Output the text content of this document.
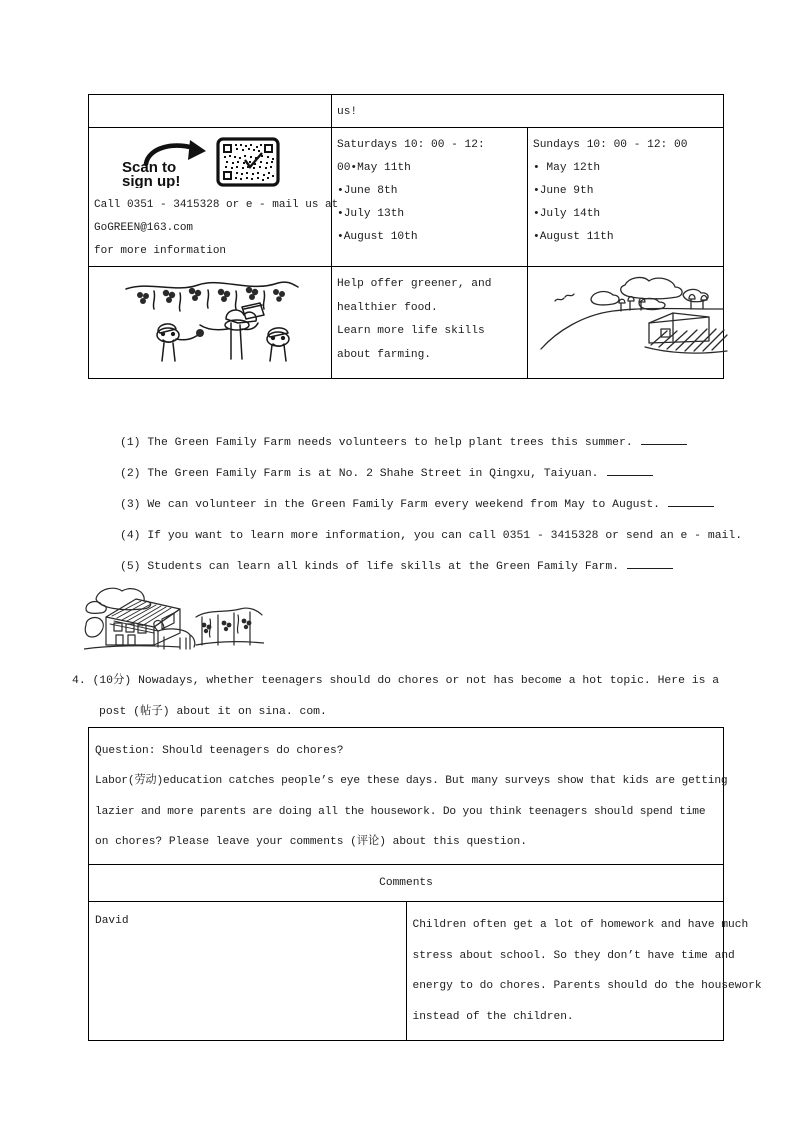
	us!	

Scan to
sign up!
Call 0351 - 3415328 or e - mail us at
GoGREEN@163.com
for more information	Saturdays 10: 00 - 12:
00•May 11th
•June 8th
•July 13th
•August 10th	Sundays 10: 00 - 12: 00
• May 12th
•June 9th
•July 14th
•August 11th

Help offer greener, and
healthier food.
Learn more life skills
about farming.

(1) The Green Family Farm needs volunteers to help plant trees this summer.
(2) The Green Family Farm is at No. 2 Shahe Street in Qingxu, Taiyuan.
(3) We can volunteer in the Green Family Farm every weekend from May to August.
(4) If you want to learn more information, you can call 0351 - 3415328 or send an e - mail.
(5) Students can learn all kinds of life skills at the Green Family Farm.
4. (10分) Nowadays, whether teenagers should do chores or not has become a hot topic. Here is a
post (帖子) about it on sina. com.
Question: Should teenagers do chores?
Labor(劳动)education catches people’s eye these days. But many surveys show that kids are getting
lazier and more parents are doing all the housework. Do you think teenagers should spend time
on chores? Please leave your comments (评论) about this question.

Comments
David	Children often get a lot of homework and have much
stress about school. So they don’t have time and
energy to do chores. Parents should do the housework
instead of the children.
